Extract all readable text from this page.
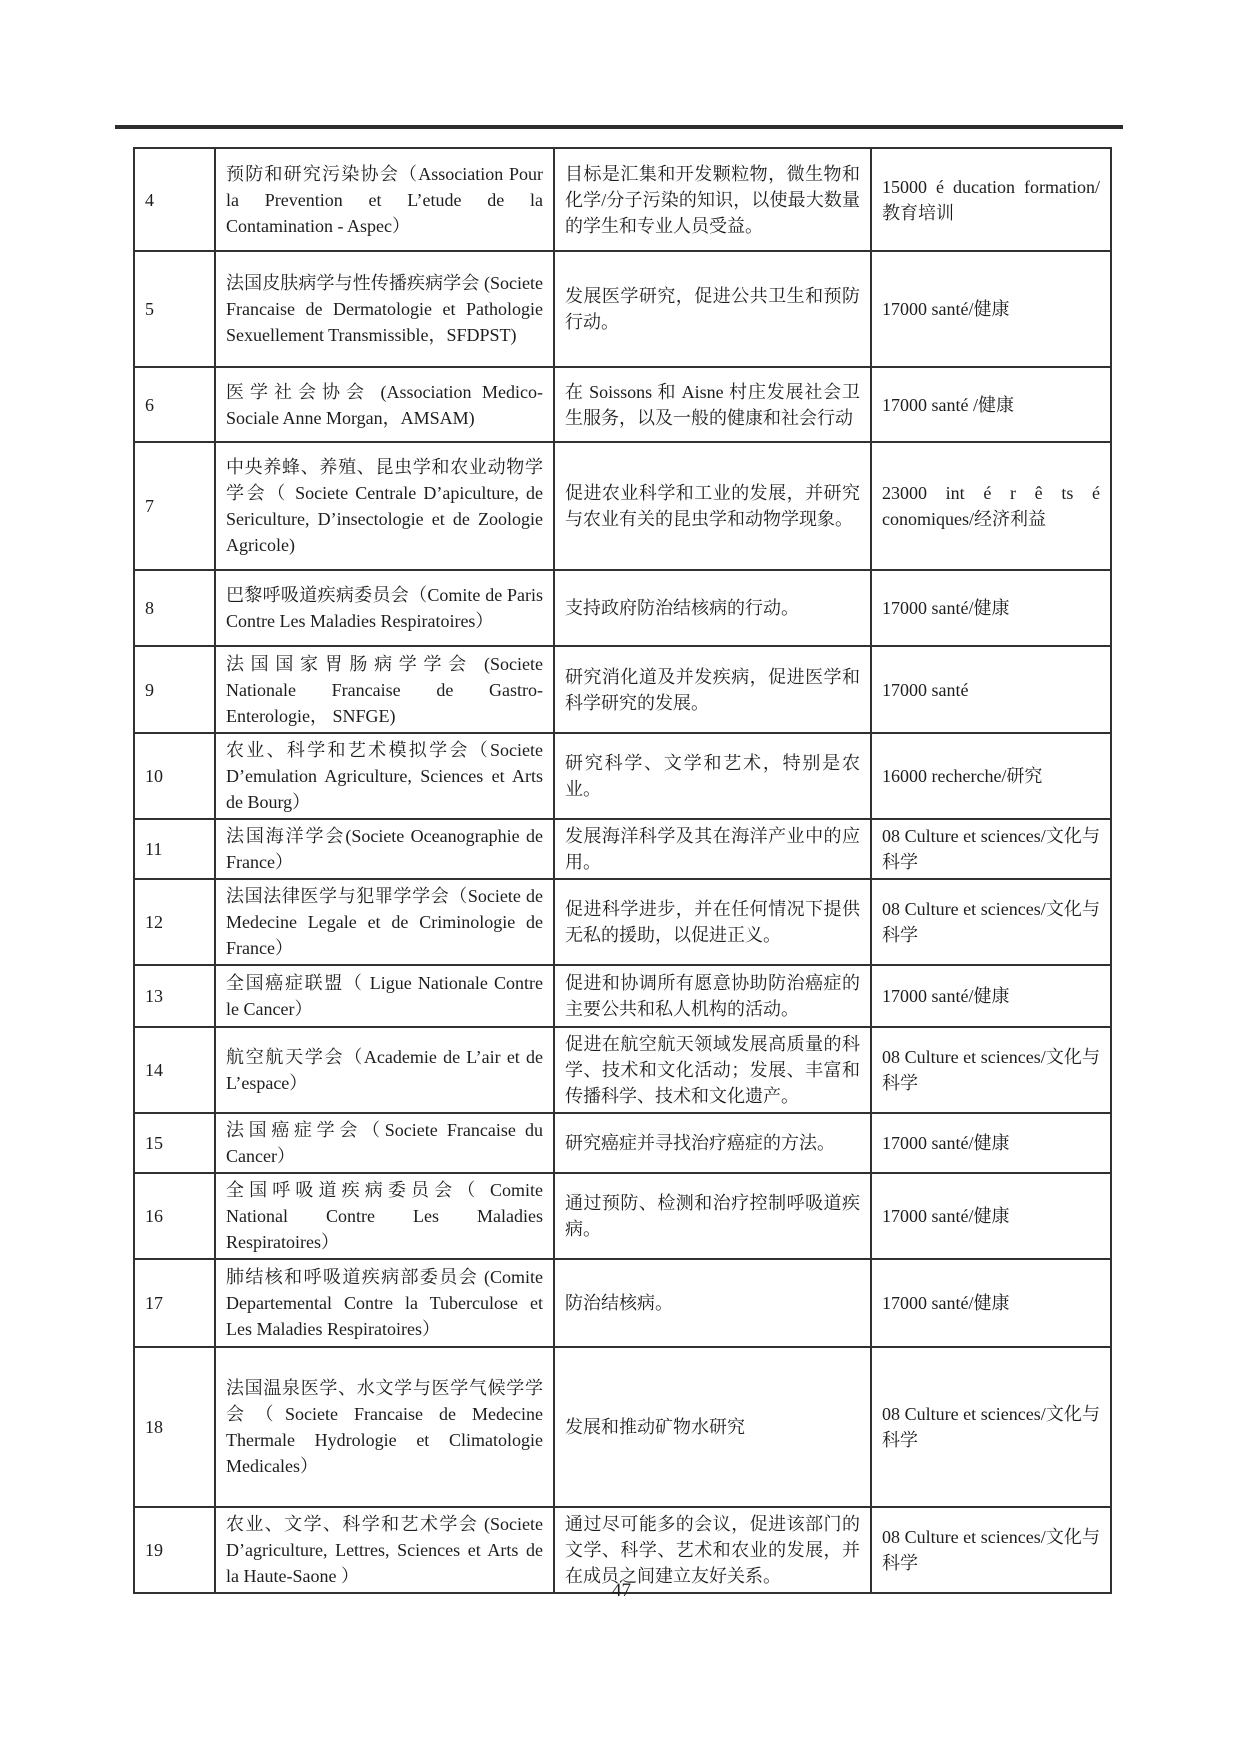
4	预防和研究污染协会（Association Pour la Prevention et L’etude de la Contamination - Aspec）	目标是汇集和开发颗粒物，微生物和化学/分子污染的知识，以使最大数量的学生和专业人员受益。	15000 é ducation formation/教育培训
5	法国皮肤病学与性传播疾病学会 (Societe Francaise de Dermatologie et Pathologie Sexuellement Transmissible，SFDPST)	发展医学研究，促进公共卫生和预防行动。	17000 santé/健康
6	医学社会协会 (Association Medico-Sociale Anne Morgan，AMSAM)	在 Soissons 和 Aisne 村庄发展社会卫生服务，以及一般的健康和社会行动	17000 santé /健康
7	中央养蜂、养殖、昆虫学和农业动物学学会（ Societe Centrale D’apiculture, de Sericulture, D’insectologie et de Zoologie Agricole)	促进农业科学和工业的发展，并研究与农业有关的昆虫学和动物学现象。	23000 int é r ê ts é conomiques/经济利益
8	巴黎呼吸道疾病委员会（Comite de Paris Contre Les Maladies Respiratoires）	支持政府防治结核病的行动。	17000 santé/健康
9	法国国家胃肠病学学会 (Societe Nationale Francaise de Gastro-Enterologie， SNFGE)	研究消化道及并发疾病，促进医学和科学研究的发展。	17000 santé
10	农业、科学和艺术模拟学会（Societe D’emulation Agriculture, Sciences et Arts de Bourg）	研究科学、文学和艺术，特别是农业。	16000 recherche/研究
11	法国海洋学会(Societe Oceanographie de France）	发展海洋科学及其在海洋产业中的应用。	08 Culture et sciences/文化与科学
12	法国法律医学与犯罪学学会（Societe de Medecine Legale et de Criminologie de France）	促进科学进步，并在任何情况下提供无私的援助，以促进正义。	08 Culture et sciences/文化与科学
13	全国癌症联盟（ Ligue Nationale Contre le Cancer）	促进和协调所有愿意协助防治癌症的主要公共和私人机构的活动。	17000 santé/健康
14	航空航天学会（Academie de L’air et de L’espace）	促进在航空航天领域发展高质量的科学、技术和文化活动；发展、丰富和传播科学、技术和文化遗产。	08 Culture et sciences/文化与科学
15	法国癌症学会（Societe Francaise du Cancer）	研究癌症并寻找治疗癌症的方法。	17000 santé/健康
16	全国呼吸道疾病委员会（ Comite National Contre Les Maladies Respiratoires）	通过预防、检测和治疗控制呼吸道疾病。	17000 santé/健康
17	肺结核和呼吸道疾病部委员会 (Comite Departemental Contre la Tuberculose et Les Maladies Respiratoires）	防治结核病。	17000 santé/健康
18	法国温泉医学、水文学与医学气候学学会（Societe Francaise de Medecine Thermale Hydrologie et Climatologie Medicales）	发展和推动矿物水研究	08 Culture et sciences/文化与科学
19	农业、文学、科学和艺术学会 (Societe D’agriculture, Lettres, Sciences et Arts de la Haute-Saone ）	通过尽可能多的会议，促进该部门的文学、科学、艺术和农业的发展，并在成员之间建立友好关系。	08 Culture et sciences/文化与科学
47
